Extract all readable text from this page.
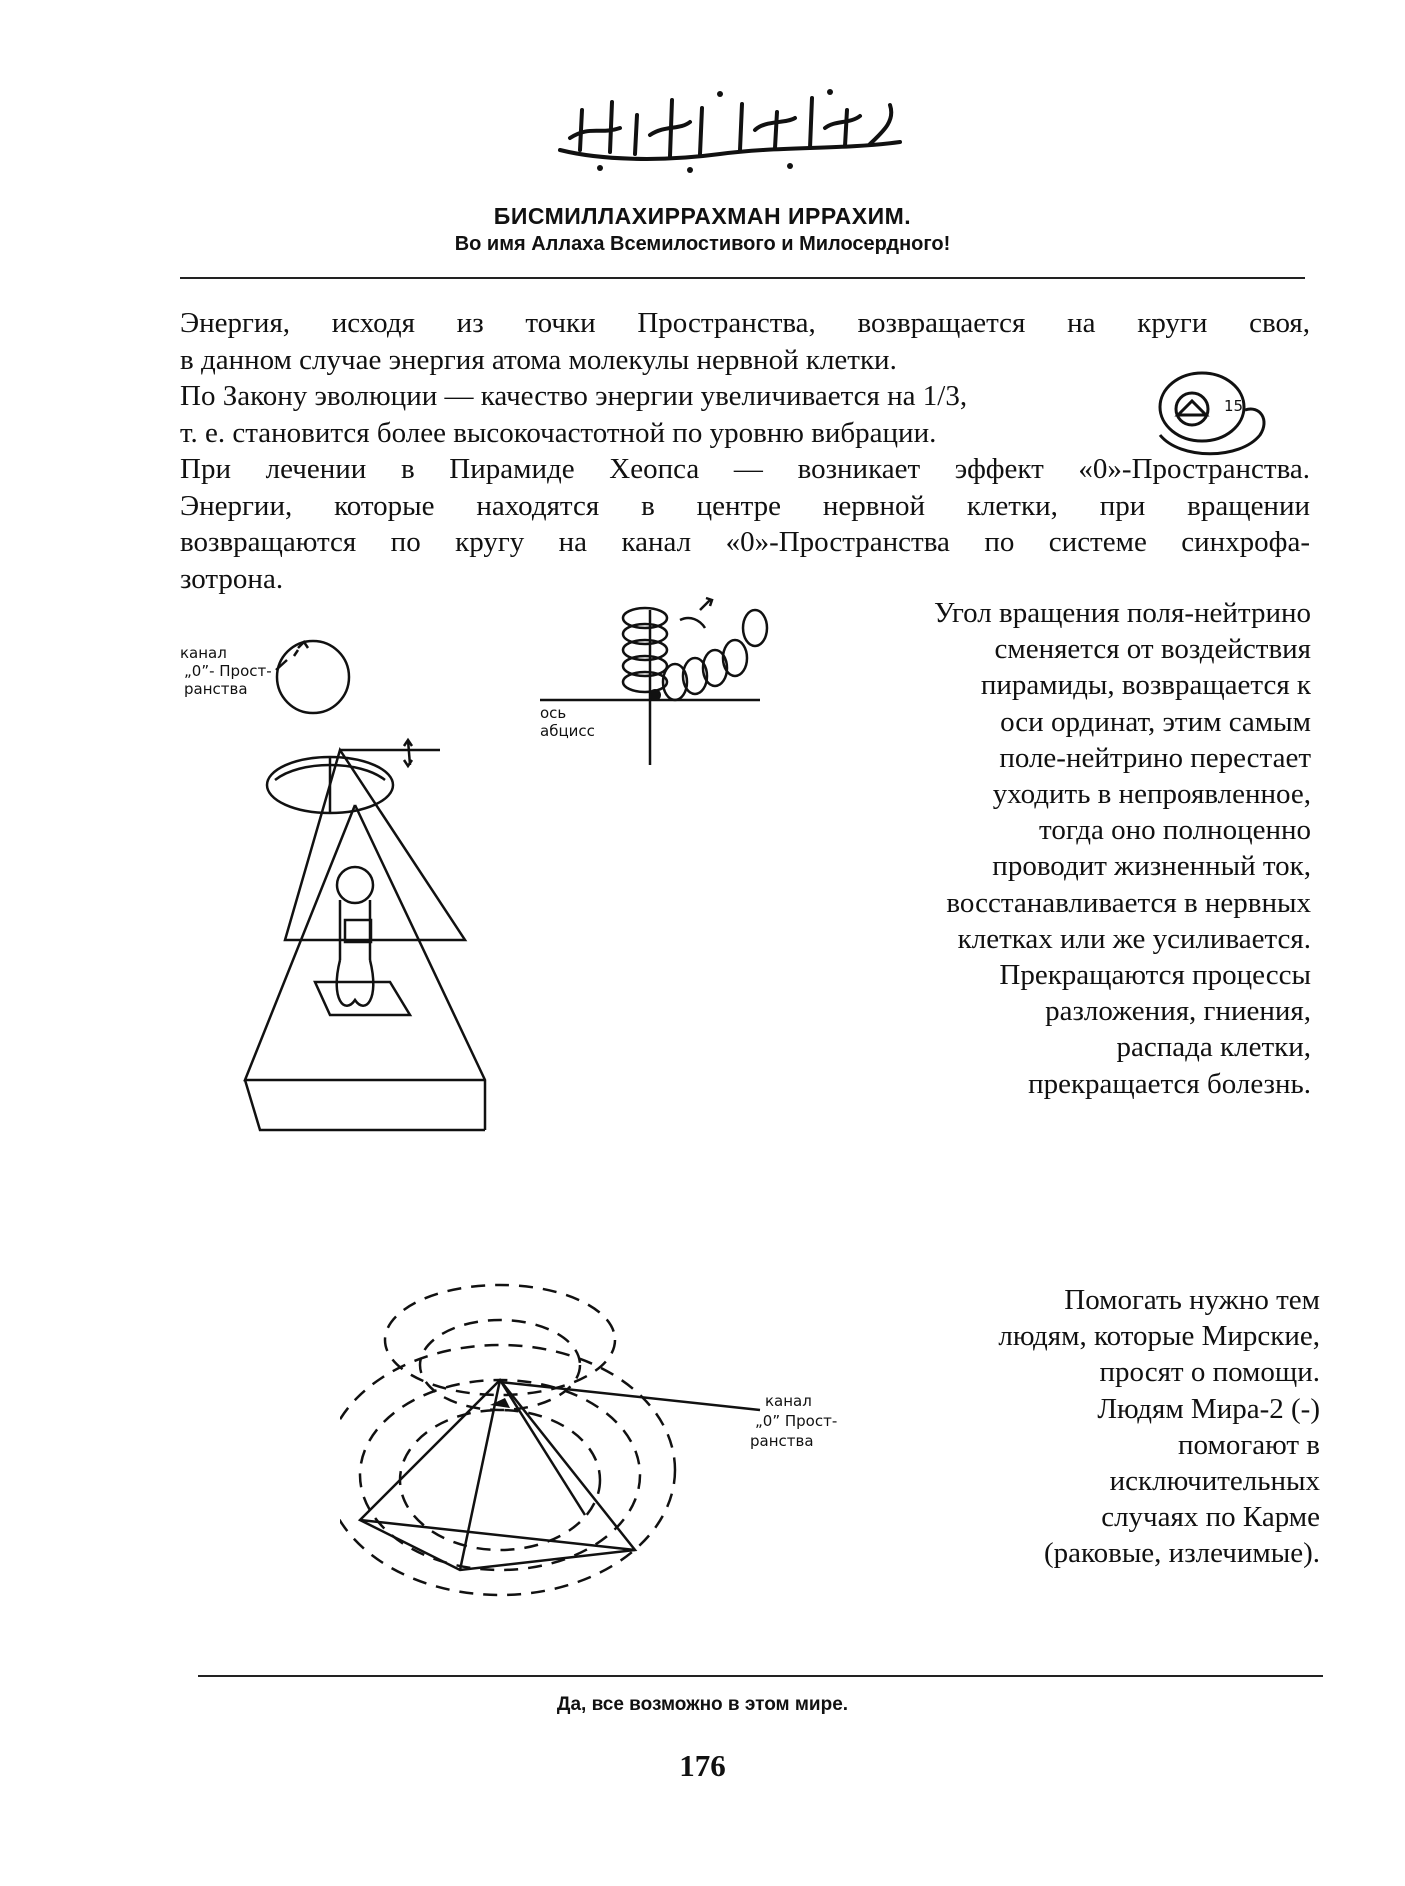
БИСМИЛЛАХИРРАХМАН ИРРАХИМ.
Во имя Аллаха Всемилостивого и Милосердного!
Энергия, исходя из точки Пространства, возвращается на круги своя,
в данном случае энергия атома молекулы нервной клетки.
По Закону эволюции — качество энергии увеличивается на 1/3,
т. е. становится более высокочастотной по уровню вибрации.
При лечении в Пирамиде Хеопса — возникает эффект «0»-Пространства.
Энергии, которые находятся в центре нервной клетки, при вращении
возвращаются по кругу на канал «0»-Пространства по системе синхрофа-
зотрона.
15
канал
„0”- Прост-
ранства
ось
абцисс
Угол вращения поля-нейтрино
сменяется от воздействия
пирамиды, возвращается к
оси ординат, этим самым
поле-нейтрино перестает
уходить в непроявленное,
тогда оно полноценно
проводит жизненный ток,
восстанавливается в нервных
клетках или же усиливается.
Прекращаются процессы
разложения, гниения,
распада клетки,
прекращается болезнь.
канал
„0” Прост-
ранства
Помогать нужно тем
людям, которые Мирские,
просят о помощи.
Людям Мира-2 (-)
помогают в
исключительных
случаях по Карме
(раковые, излечимые).
Да, все возможно в этом мире.
176
